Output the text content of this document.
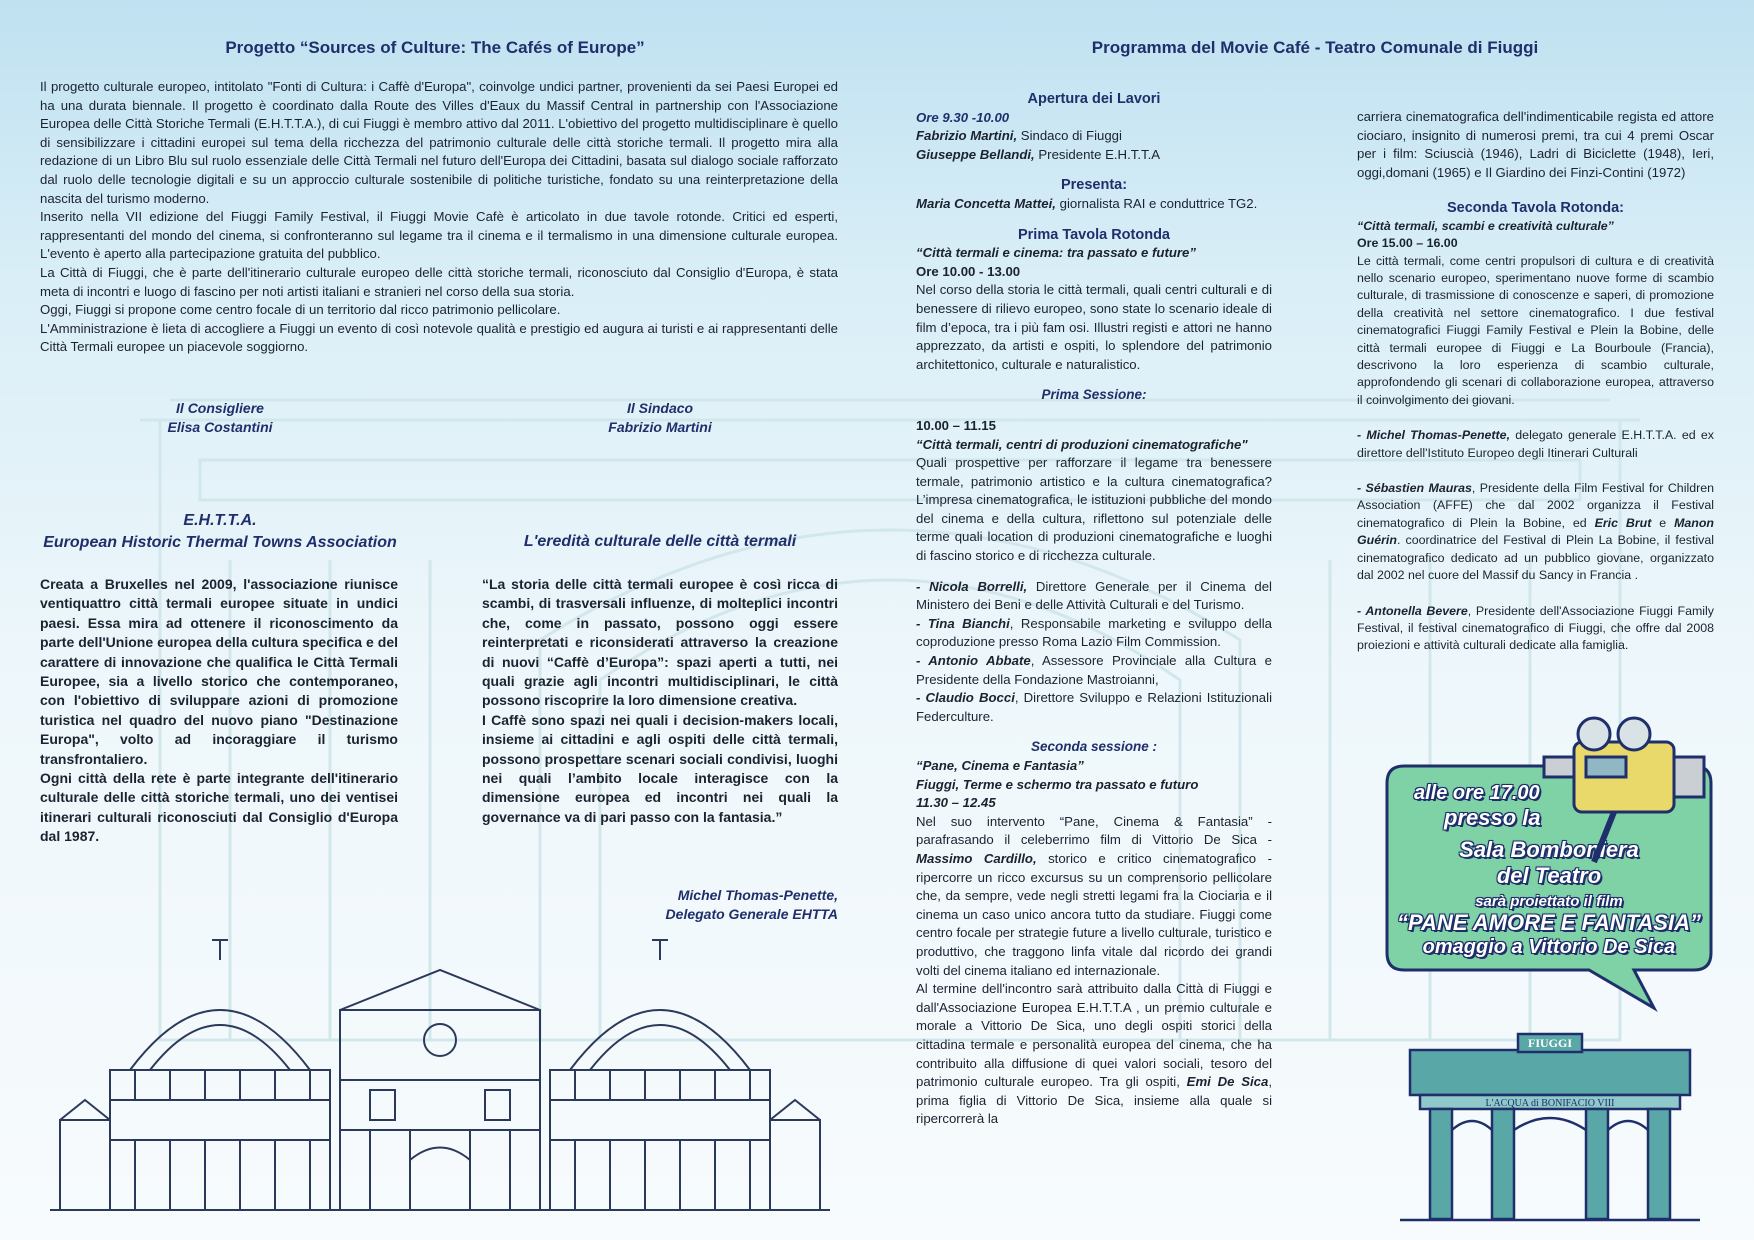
Progetto “Sources of Culture: The Cafés of Europe”

Il progetto culturale europeo, intitolato "Fonti di Cultura: i Caffè d'Europa", coinvolge undici partner, provenienti da sei Paesi Europei ed ha una durata biennale. Il progetto è coordinato dalla Route des Villes d'Eaux du Massif Central in partnership con l'Associazione Europea delle Città Storiche Termali (E.H.T.T.A.), di cui Fiuggi è membro attivo dal 2011. L'obiettivo del progetto multidisciplinare è quello di sensibilizzare i cittadini europei sul tema della ricchezza del patrimonio culturale delle città storiche termali. Il progetto mira alla redazione di un Libro Blu sul ruolo essenziale delle Città Termali nel futuro dell'Europa dei Cittadini, basata sul dialogo sociale rafforzato dal ruolo delle tecnologie digitali e su un approccio culturale sostenibile di politiche turistiche, fondato su una reinterpretazione della nascita del turismo moderno.

Inserito nella VII edizione del Fiuggi Family Festival, il Fiuggi Movie Cafè è articolato in due tavole rotonde. Critici ed esperti, rappresentanti del mondo del cinema, si confronteranno sul legame tra il cinema e il termalismo in una dimensione culturale europea. L'evento è aperto alla partecipazione gratuita del pubblico.

La Città di Fiuggi, che è parte dell'itinerario culturale europeo delle città storiche termali, riconosciuto dal Consiglio d'Europa, è stata meta di incontri e luogo di fascino per noti artisti italiani e stranieri nel corso della sua storia.

Oggi, Fiuggi si propone come centro focale di un territorio dal ricco patrimonio pellicolare.

L'Amministrazione è lieta di accogliere a Fiuggi un evento di così notevole qualità e prestigio ed augura ai turisti e ai rappresentanti delle Città Termali europee un piacevole soggiorno.

Il Consigliere
Elisa Costantini
Il Sindaco
Fabrizio Martini
E.H.T.T.A.
European Historic Thermal Towns Association

Creata a Bruxelles nel 2009, l'associazione riunisce ventiquattro città termali europee situate in undici paesi. Essa mira ad ottenere il riconoscimento da parte dell'Unione europea della cultura specifica e del carattere di innovazione che qualifica le Città Termali Europee, sia a livello storico che contemporaneo, con l'obiettivo di sviluppare azioni di promozione turistica nel quadro del nuovo piano "Destinazione Europa", volto ad incoraggiare il turismo transfrontaliero.

Ogni città della rete è parte integrante dell'itinerario culturale delle città storiche termali, uno dei ventisei itinerari culturali riconosciuti dal Consiglio d'Europa dal 1987.

L'eredità culturale delle città termali

“La storia delle città termali europee è così ricca di scambi, di trasversali influenze, di molteplici incontri che, come in passato, possono oggi essere reinterpretati e riconsiderati attraverso la creazione di nuovi “Caffè d’Europa”: spazi aperti a tutti, nei quali grazie agli incontri multidisciplinari, le città possono riscoprire la loro dimensione creativa.

I Caffè sono spazi nei quali i decision-makers locali, insieme ai cittadini e agli ospiti delle città termali, possono prospettare scenari sociali condivisi, luoghi nei quali l’ambito locale interagisce con la dimensione europea ed incontri nei quali la governance va di pari passo con la fantasia.”

Michel Thomas-Penette,
Delegato Generale EHTTA
Programma del Movie Café - Teatro Comunale di Fiuggi

Apertura dei Lavori

Ore 9.30 -10.00

Fabrizio Martini, Sindaco di Fiuggi

Giuseppe Bellandi, Presidente E.H.T.T.A

Presenta:

Maria Concetta Mattei, giornalista RAI e conduttrice TG2.

Prima Tavola Rotonda

“Città termali e cinema: tra passato e future”

Ore 10.00 - 13.00

Nel corso della storia le città termali, quali centri culturali e di benessere di rilievo europeo, sono state lo scenario ideale di film d’epoca, tra i più fam osi. Illustri registi e attori ne hanno apprezzato, da artisti e ospiti, lo splendore del patrimonio architettonico, culturale e naturalistico.

Prima Sessione:

10.00 – 11.15

“Città termali, centri di produzioni cinematografiche"

Quali prospettive per rafforzare il legame tra benessere termale, patrimonio artistico e la cultura cinematografica? L’impresa cinematografica, le istituzioni pubbliche del mondo del cinema e della cultura, riflettono sul potenziale delle terme quali location di produzioni cinematografiche e luoghi di fascino storico e di ricchezza culturale.

- Nicola Borrelli, Direttore Generale per il Cinema del Ministero dei Beni e delle Attività Culturali e del Turismo.

- Tina Bianchi, Responsabile marketing e sviluppo della coproduzione presso Roma Lazio Film Commission.

- Antonio Abbate, Assessore Provinciale alla Cultura e Presidente della Fondazione Mastroianni,

- Claudio Bocci, Direttore Sviluppo e Relazioni Istituzionali Federculture.

Seconda sessione :

“Pane, Cinema e Fantasia”

Fiuggi, Terme e schermo tra passato e futuro

11.30 – 12.45

Nel suo intervento “Pane, Cinema & Fantasia” - parafrasando il celeberrimo film di Vittorio De Sica - Massimo Cardillo, storico e critico cinematografico - ripercorre un ricco excursus su un comprensorio pellicolare che, da sempre, vede negli stretti legami fra la Ciociaria e il cinema un caso unico ancora tutto da studiare. Fiuggi come centro focale per strategie future a livello culturale, turistico e produttivo, che traggono linfa vitale dal ricordo dei grandi volti del cinema italiano ed internazionale.

Al termine dell'incontro sarà attribuito dalla Città di Fiuggi e dall'Associazione Europea E.H.T.T.A , un premio culturale e morale a Vittorio De Sica, uno degli ospiti storici della cittadina termale e personalità europea del cinema, che ha contribuito alla diffusione di quei valori sociali, tesoro del patrimonio culturale europeo. Tra gli ospiti, Emi De Sica, prima figlia di Vittorio De Sica, insieme alla quale si ripercorrerà la

carriera cinematografica dell'indimenticabile regista ed attore ciociaro, insignito di numerosi premi, tra cui 4 premi Oscar per i film: Sciuscià (1946), Ladri di Biciclette (1948), Ieri, oggi,domani (1965) e Il Giardino dei Finzi-Contini (1972)

Seconda Tavola Rotonda:

“Città termali, scambi e creatività culturale”

Ore 15.00 – 16.00

Le città termali, come centri propulsori di cultura e di creatività nello scenario europeo, sperimentano nuove forme di scambio culturale, di trasmissione di conoscenze e saperi, di promozione della creatività nel settore cinematografico. I due festival cinematografici Fiuggi Family Festival e Plein la Bobine, delle città termali europee di Fiuggi e La Bourboule (Francia), descrivono la loro esperienza di scambio culturale, approfondendo gli scenari di collaborazione europea, attraverso il coinvolgimento dei giovani.

- Michel Thomas-Penette, delegato generale E.H.T.T.A. ed ex direttore dell'Istituto Europeo degli Itinerari Culturali

- Sébastien Mauras, Presidente della Film Festival for Children Association (AFFE) che dal 2002 organizza il Festival cinematografico di Plein la Bobine, ed Eric Brut e Manon Guérin. coordinatrice del Festival di Plein La Bobine, il festival cinematografico dedicato ad un pubblico giovane, organizzato dal 2002 nel cuore del Massif du Sancy in Francia .

- Antonella Bevere, Presidente dell'Associazione Fiuggi Family Festival, il festival cinematografico di Fiuggi, che offre dal 2008 proiezioni e attività culturali dedicate alla famiglia.

alle ore 17.00
presso la
Sala Bomboniera
del Teatro
sarà proiettato il film
“PANE AMORE E FANTASIA”
omaggio a Vittorio De Sica
FIUGGI
L'ACQUA di BONIFACIO VIII
